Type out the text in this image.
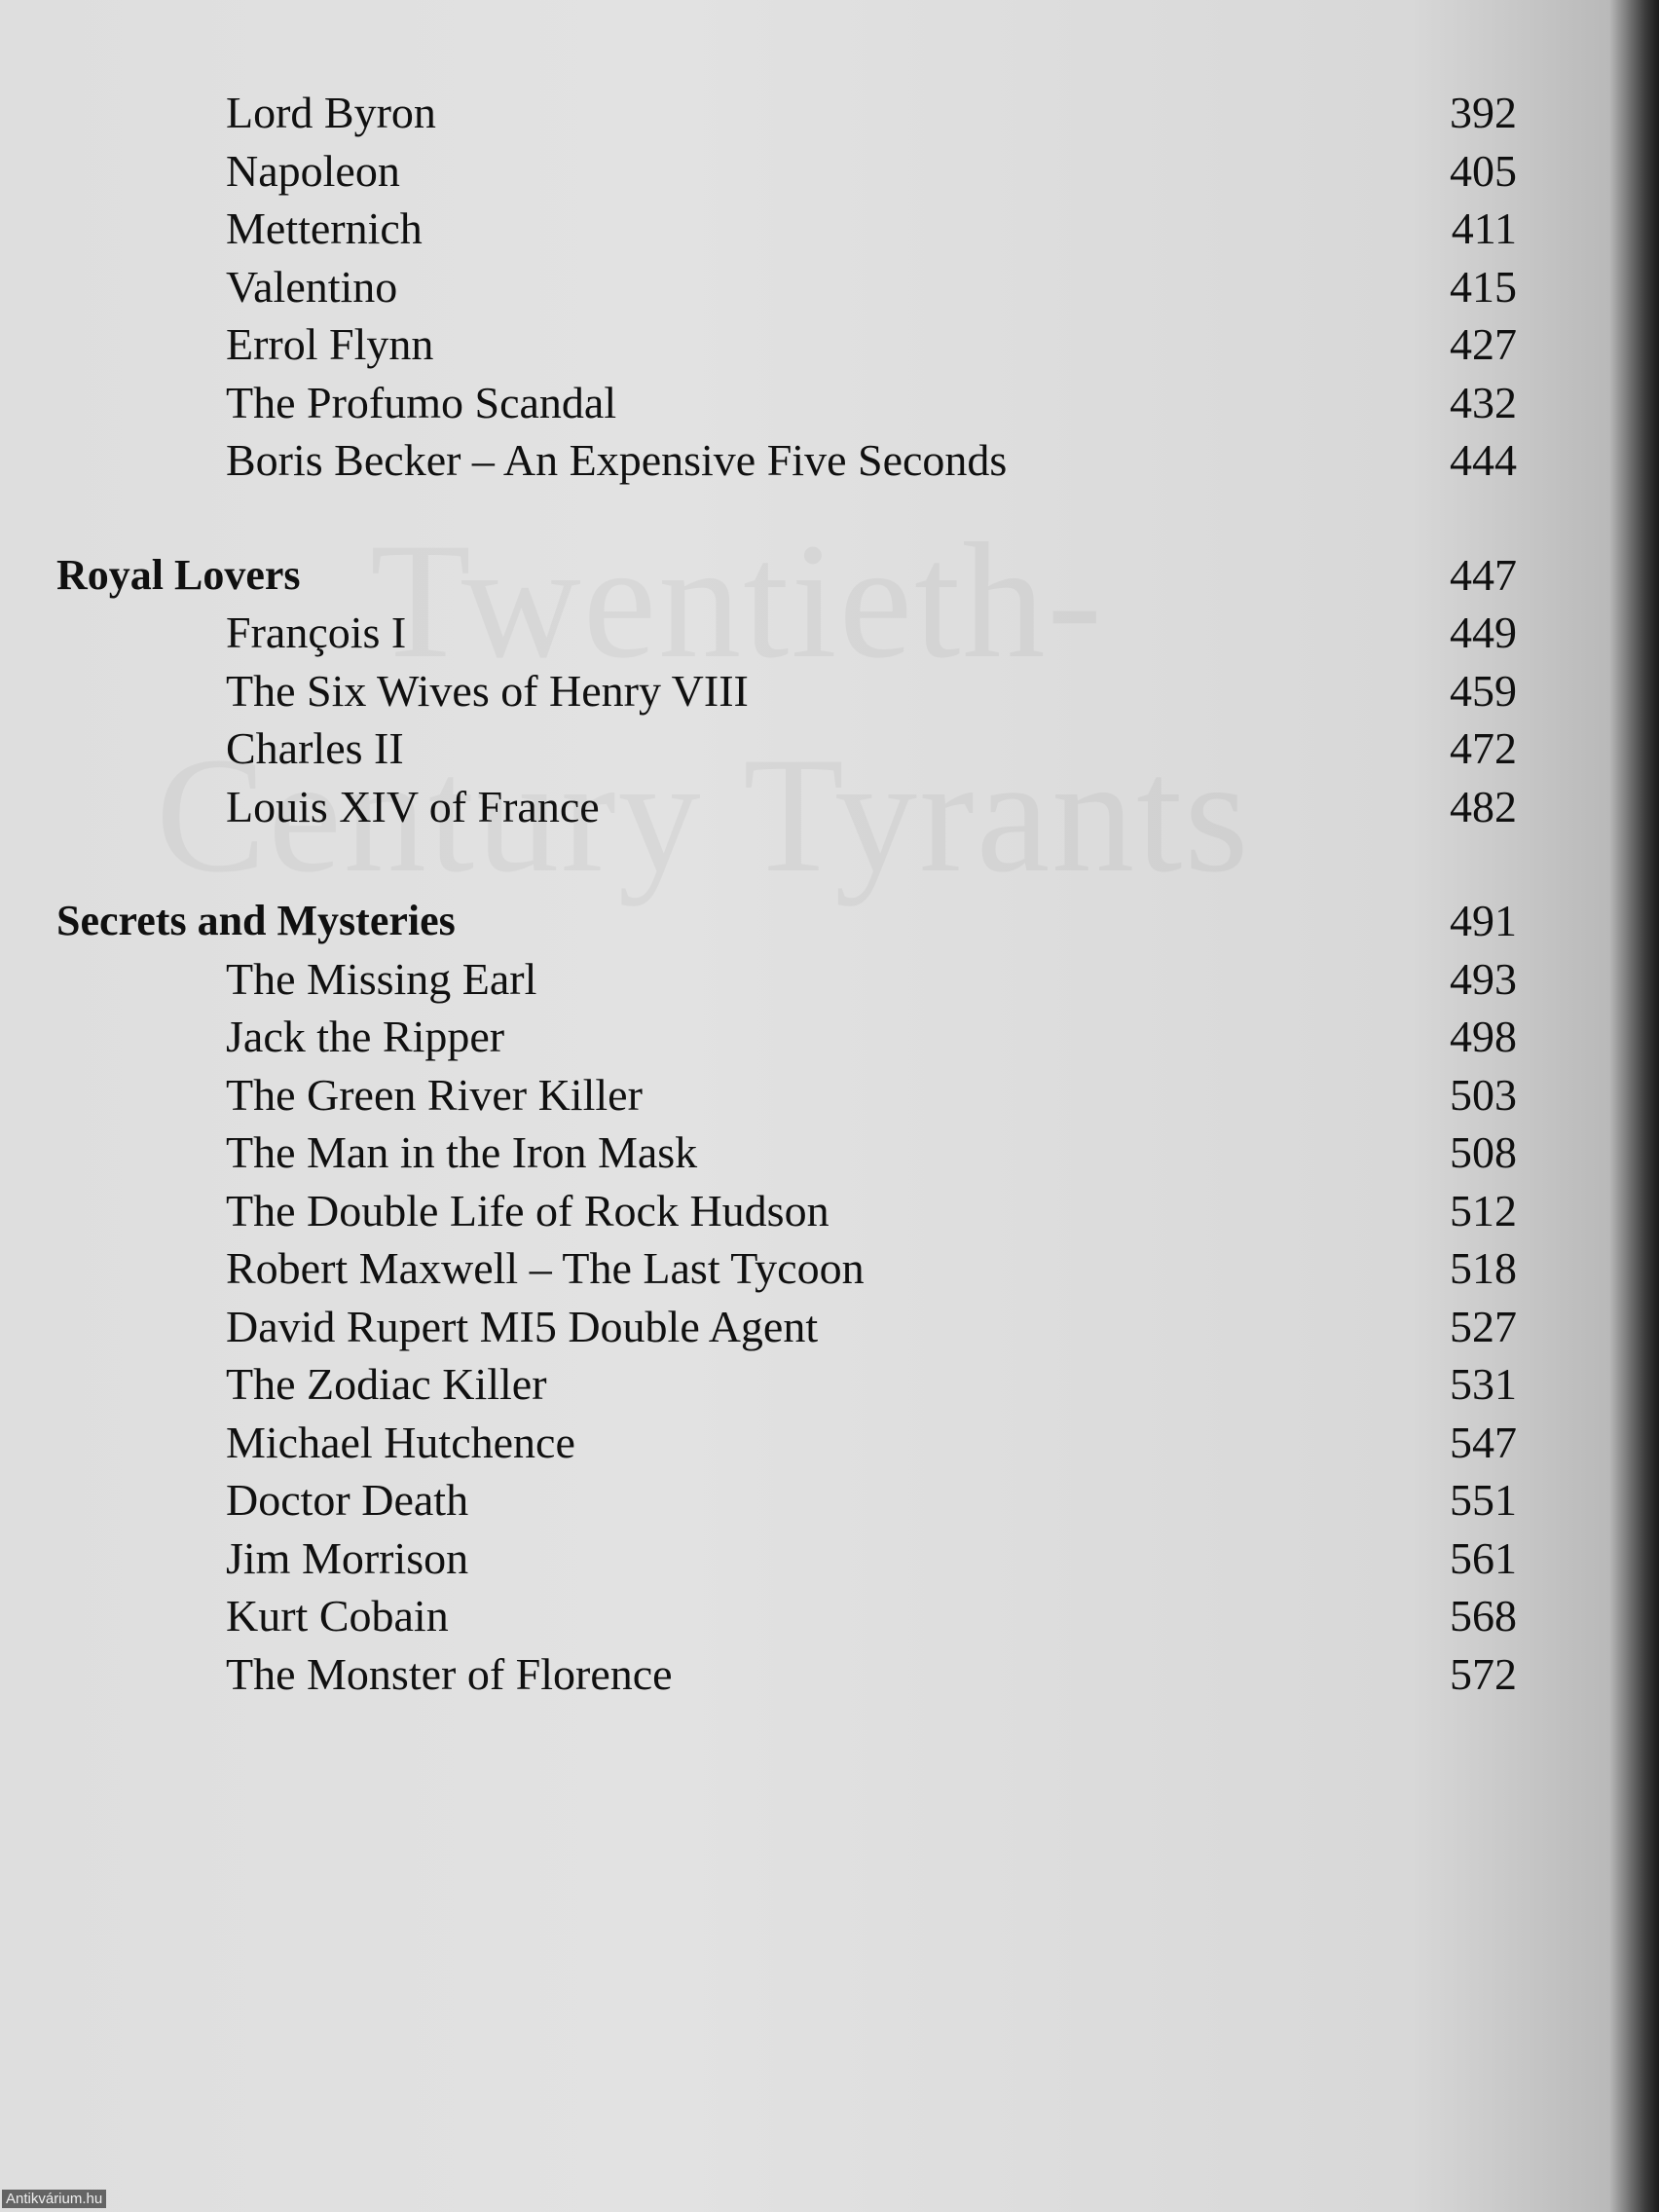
Lord Byron	392
Napoleon	405
Metternich	411
Valentino	415
Errol Flynn	427
The Profumo Scandal	432
Boris Becker – An Expensive Five Seconds	444
Royal Lovers	447
François I	449
The Six Wives of Henry VIII	459
Charles II	472
Louis XIV of France	482
Secrets and Mysteries	491
The Missing Earl	493
Jack the Ripper	498
The Green River Killer	503
The Man in the Iron Mask	508
The Double Life of Rock Hudson	512
Robert Maxwell – The Last Tycoon	518
David Rupert MI5 Double Agent	527
The Zodiac Killer	531
Michael Hutchence	547
Doctor Death	551
Jim Morrison	561
Kurt Cobain	568
The Monster of Florence	572
Antikvárium.hu
